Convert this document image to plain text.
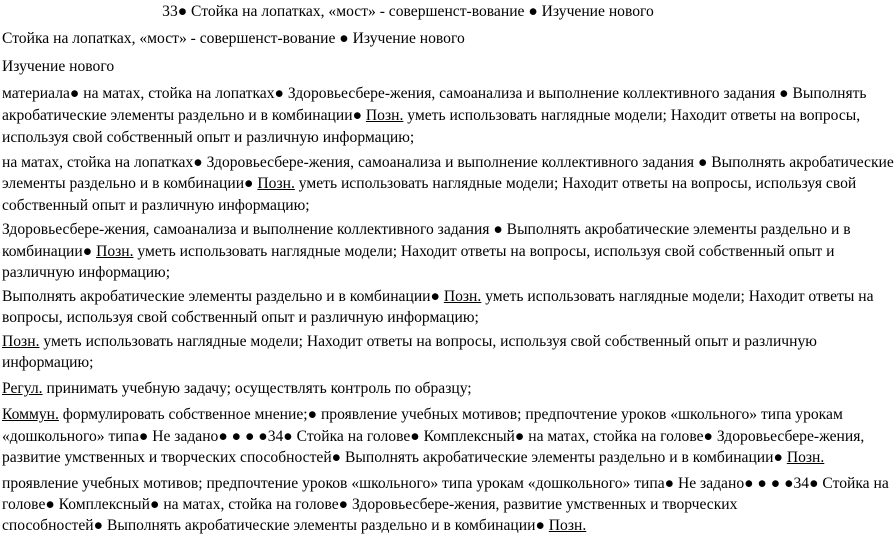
33● Стойка на лопатках, «мост» - совершенст-вование ● Изучение нового
Стойка на лопатках, «мост» - совершенст-вование ● Изучение нового
Изучение нового
материала● на матах, стойка на лопатках● Здоровьесбере-жения, самоанализа и выполнение коллективного задания ● Выполнять
акробатические элементы раздельно и в комбинации● Позн. уметь использовать наглядные модели; Находит ответы на вопросы,
используя свой собственный опыт и различную информацию;
на матах, стойка на лопатках● Здоровьесбере-жения, самоанализа и выполнение коллективного задания ● Выполнять акробатические
элементы раздельно и в комбинации● Позн. уметь использовать наглядные модели; Находит ответы на вопросы, используя свой
собственный опыт и различную информацию;
Здоровьесбере-жения, самоанализа и выполнение коллективного задания ● Выполнять акробатические элементы раздельно и в
комбинации● Позн. уметь использовать наглядные модели; Находит ответы на вопросы, используя свой собственный опыт и
различную информацию;
Выполнять акробатические элементы раздельно и в комбинации● Позн. уметь использовать наглядные модели; Находит ответы на
вопросы, используя свой собственный опыт и различную информацию;
Позн. уметь использовать наглядные модели; Находит ответы на вопросы, используя свой собственный опыт и различную
информацию;
Регул. принимать учебную задачу; осуществлять контроль по образцу;
Коммун. формулировать собственное мнение;● проявление учебных мотивов; предпочтение уроков «школьного» типа урокам
«дошкольного» типа● Не задано● ● ● ●34● Стойка на голове● Комплексный● на матах, стойка на голове● Здоровьесбере-жения,
развитие умственных и творческих способностей● Выполнять акробатические элементы раздельно и в комбинации● Позн.
проявление учебных мотивов; предпочтение уроков «школьного» типа урокам «дошкольного» типа● Не задано● ● ● ●34● Стойка на
голове● Комплексный● на матах, стойка на голове● Здоровьесбере-жения, развитие умственных и творческих
способностей● Выполнять акробатические элементы раздельно и в комбинации● Позн.
